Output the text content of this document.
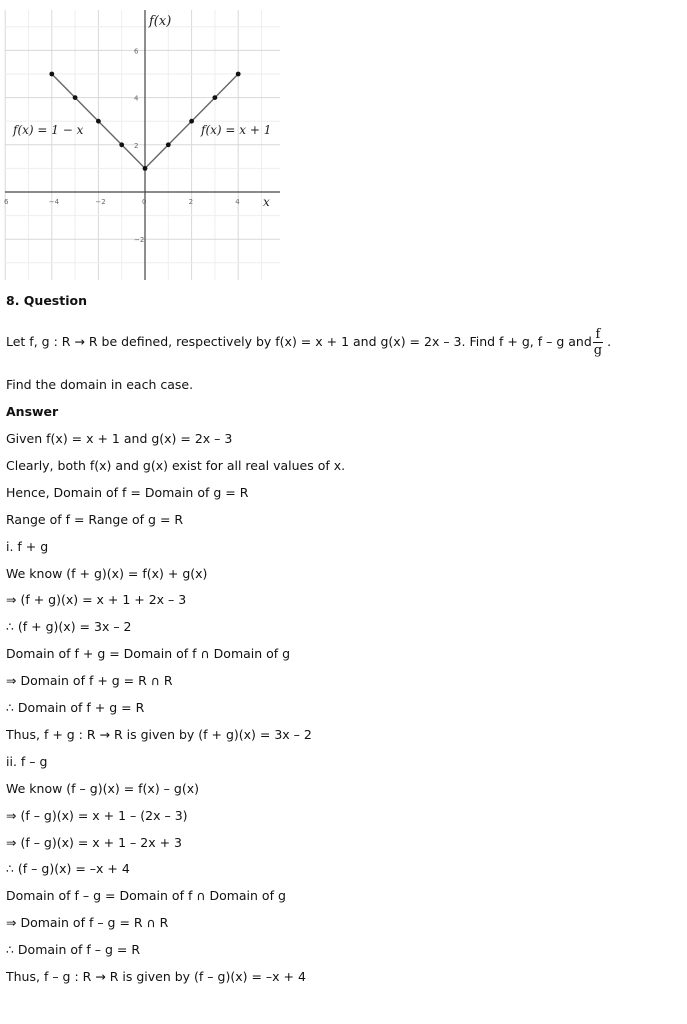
6	−4	−2	0	2	4
6
4
2
−2
f(x)
x
f(x) = 1 − x	f(x) = x + 1
8. Question
Let f, g : R → R be defined, respectively by f(x) = x + 1 and g(x) = 2x – 3. Find f + g, f – g and $\frac{f}{g}$ .
Find the domain in each case.
Answer
Given f(x) = x + 1 and g(x) = 2x – 3
Clearly, both f(x) and g(x) exist for all real values of x.
Hence, Domain of f = Domain of g = R
Range of f = Range of g = R
i. f + g
We know (f + g)(x) = f(x) + g(x)
⇒ (f + g)(x) = x + 1 + 2x – 3
∴ (f + g)(x) = 3x – 2
Domain of f + g = Domain of f ∩ Domain of g
⇒ Domain of f + g = R ∩ R
∴ Domain of f + g = R
Thus, f + g : R → R is given by (f + g)(x) = 3x – 2
ii. f – g
We know (f – g)(x) = f(x) – g(x)
⇒ (f – g)(x) = x + 1 – (2x – 3)
⇒ (f – g)(x) = x + 1 – 2x + 3
∴ (f – g)(x) = –x + 4
Domain of f – g = Domain of f ∩ Domain of g
⇒ Domain of f – g = R ∩ R
∴ Domain of f – g = R
Thus, f – g : R → R is given by (f – g)(x) = –x + 4
